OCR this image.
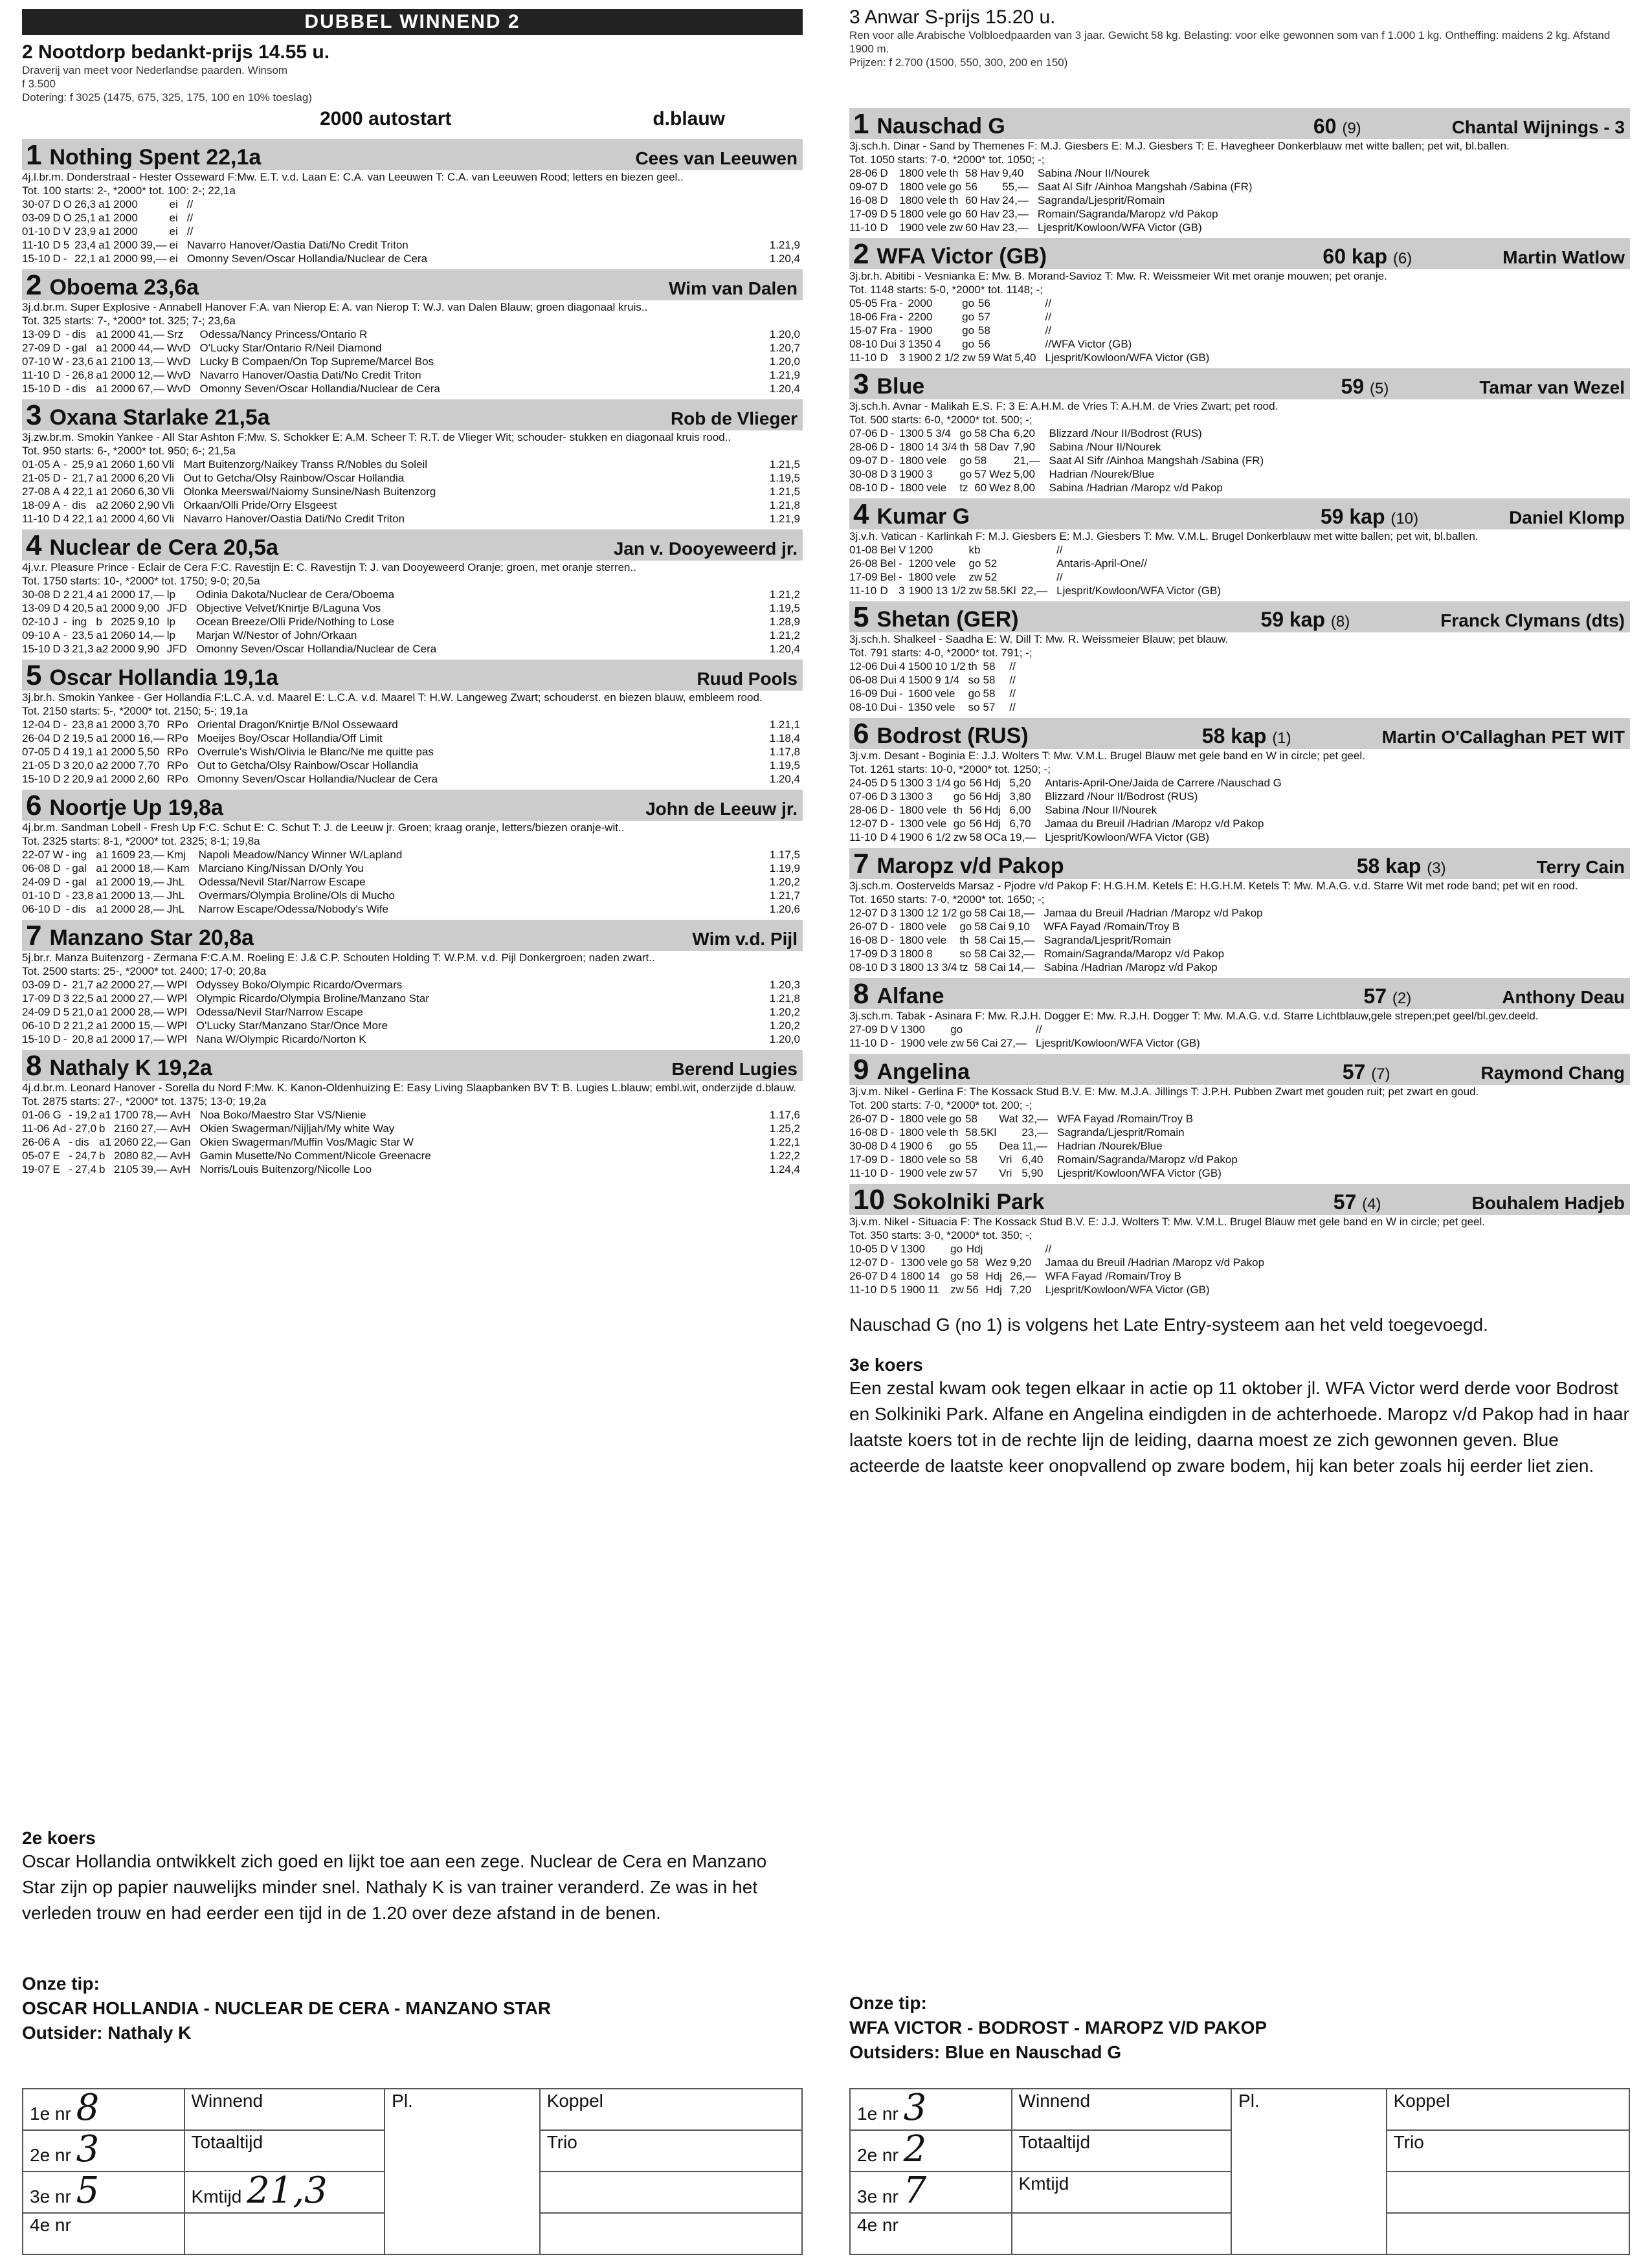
DUBBEL WINNEND 2
2 Nootdorp bedankt-prijs 14.55 u.
Draverij van meet voor Nederlandse paarden. Winsom
f 3.500
Dotering: f 3025 (1475, 675, 325, 175, 100 en 10% toeslag)
2000 autostart	d.blauw
1 Nothing Spent 22,1a	Cees van Leeuwen
4j.l.br.m. Donderstraal - Hester Osseward F:Mw. E.T. v.d. Laan E: C.A. van Leeuwen T: C.A. van Leeuwen Rood; letters en biezen geel..
Tot. 100 starts: 2-, *2000* tot. 100: 2-; 22,1a
30-07	D	O	26,3	a1	2000		ei	//	
03-09	D	O	25,1	a1	2000		ei	//	
01-10	D	V	23,9	a1	2000		ei	//	
11-10	D	5	23,4	a1	2000	39,—	ei	Navarro Hanover/Oastia Dati/No Credit Triton	1.21,9
15-10	D	-	22,1	a1	2000	99,—	ei	Omonny Seven/Oscar Hollandia/Nuclear de Cera	1.20,4
2 Oboema 23,6a	Wim van Dalen
3j.d.br.m. Super Explosive - Annabell Hanover F:A. van Nierop E: A. van Nierop T: W.J. van Dalen Blauw; groen diagonaal kruis..
Tot. 325 starts: 7-, *2000* tot. 325; 7-; 23,6a
13-09	D	-	dis	a1	2000	41,—	Srz	Odessa/Nancy Princess/Ontario R	1.20,0
27-09	D	-	gal	a1	2000	44,—	WvD	O'Lucky Star/Ontario R/Neil Diamond	1.20,7
07-10	W	-	23,6	a1	2100	13,—	WvD	Lucky B Compaen/On Top Supreme/Marcel Bos	1.20,0
11-10	D	-	26,8	a1	2000	12,—	WvD	Navarro Hanover/Oastia Dati/No Credit Triton	1.21,9
15-10	D	-	dis	a1	2000	67,—	WvD	Omonny Seven/Oscar Hollandia/Nuclear de Cera	1.20,4
3 Oxana Starlake 21,5a	Rob de Vlieger
3j.zw.br.m. Smokin Yankee - All Star Ashton F:Mw. S. Schokker E: A.M. Scheer T: R.T. de Vlieger Wit; schouder- stukken en diagonaal kruis rood..
Tot. 950 starts: 6-, *2000* tot. 950; 6-; 21,5a
01-05	A	-	25,9	a1	2060	1,60	Vli	Mart Buitenzorg/Naikey Transs R/Nobles du Soleil	1.21,5
21-05	D	-	21,7	a1	2000	6,20	Vli	Out to Getcha/Olsy Rainbow/Oscar Hollandia	1.19,5
27-08	A	4	22,1	a1	2060	6,30	Vli	Olonka Meerswal/Naiomy Sunsine/Nash Buitenzorg	1.21,5
18-09	A	-	dis	a2	2060	2,90	Vli	Orkaan/Olli Pride/Orry Elsgeest	1.21,8
11-10	D	4	22,1	a1	2000	4,60	Vli	Navarro Hanover/Oastia Dati/No Credit Triton	1.21,9
4 Nuclear de Cera 20,5a	Jan v. Dooyeweerd jr.
4j.v.r. Pleasure Prince - Eclair de Cera F:C. Ravestijn E: C. Ravestijn T: J. van Dooyeweerd Oranje; groen, met oranje sterren..
Tot. 1750 starts: 10-, *2000* tot. 1750; 9-0; 20,5a
30-08	D	2	21,4	a1	2000	17,—	lp	Odinia Dakota/Nuclear de Cera/Oboema	1.21,2
13-09	D	4	20,5	a1	2000	9,00	JFD	Objective Velvet/Knirtje B/Laguna Vos	1.19,5
02-10	J	-	ing	b	2025	9,10	lp	Ocean Breeze/Olli Pride/Nothing to Lose	1.28,9
09-10	A	-	23,5	a1	2060	14,—	lp	Marjan W/Nestor of John/Orkaan	1.21,2
15-10	D	3	21,3	a2	2000	9,90	JFD	Omonny Seven/Oscar Hollandia/Nuclear de Cera	1.20,4
5 Oscar Hollandia 19,1a	Ruud Pools
3j.br.h. Smokin Yankee - Ger Hollandia F:L.C.A. v.d. Maarel E: L.C.A. v.d. Maarel T: H.W. Langeweg Zwart; schouderst. en biezen blauw, embleem rood.
Tot. 2150 starts: 5-, *2000* tot. 2150; 5-; 19,1a
12-04	D	-	23,8	a1	2000	3,70	RPo	Oriental Dragon/Knirtje B/Nol Ossewaard	1.21,1
26-04	D	2	19,5	a1	2000	16,—	RPo	Moeijes Boy/Oscar Hollandia/Off Limit	1.18,4
07-05	D	4	19,1	a1	2000	5,50	RPo	Overrule's Wish/Olivia le Blanc/Ne me quitte pas	1.17,8
21-05	D	3	20,0	a2	2000	7,70	RPo	Out to Getcha/Olsy Rainbow/Oscar Hollandia	1.19,5
15-10	D	2	20,9	a1	2000	2,60	RPo	Omonny Seven/Oscar Hollandia/Nuclear de Cera	1.20,4
6 Noortje Up 19,8a	John de Leeuw jr.
4j.br.m. Sandman Lobell - Fresh Up F:C. Schut E: C. Schut T: J. de Leeuw jr. Groen; kraag oranje, letters/biezen oranje-wit..
Tot. 2325 starts: 8-1, *2000* tot. 2325; 8-1; 19,8a
22-07	W	-	ing	a1	1609	23,—	Kmj	Napoli Meadow/Nancy Winner W/Lapland	1.17,5
06-08	D	-	gal	a1	2000	18,—	Kam	Marciano King/Nissan D/Only You	1.19,9
24-09	D	-	gal	a1	2000	19,—	JhL	Odessa/Nevil Star/Narrow Escape	1.20,2
01-10	D	-	23,8	a1	2000	13,—	JhL	Overmars/Olympia Broline/Ols di Mucho	1.21,7
06-10	D	-	dis	a1	2000	28,—	JhL	Narrow Escape/Odessa/Nobody's Wife	1.20,6
7 Manzano Star 20,8a	Wim v.d. Pijl
5j.br.r. Manza Buitenzorg - Zermana F:C.A.M. Roeling E: J.& C.P. Schouten Holding T: W.P.M. v.d. Pijl Donkergroen; naden zwart..
Tot. 2500 starts: 25-, *2000* tot. 2400; 17-0; 20,8a
03-09	D	-	21,7	a2	2000	27,—	WPl	Odyssey Boko/Olympic Ricardo/Overmars	1.20,3
17-09	D	3	22,5	a1	2000	27,—	WPl	Olympic Ricardo/Olympia Broline/Manzano Star	1.21,8
24-09	D	5	21,0	a1	2000	28,—	WPl	Odessa/Nevil Star/Narrow Escape	1.20,2
06-10	D	2	21,2	a1	2000	15,—	WPl	O'Lucky Star/Manzano Star/Once More	1.20,2
15-10	D	-	20,8	a1	2000	17,—	WPl	Nana W/Olympic Ricardo/Norton K	1.20,0
8 Nathaly K 19,2a	Berend Lugies
4j.d.br.m. Leonard Hanover - Sorella du Nord F:Mw. K. Kanon-Oldenhuizing E: Easy Living Slaapbanken BV T: B. Lugies L.blauw; embl.wit, onderzijde d.blauw.
Tot. 2875 starts: 27-, *2000* tot. 1375; 13-0; 19,2a
01-06	G	-	19,2	a1	1700	78,—	AvH	Noa Boko/Maestro Star VS/Nienie	1.17,6
11-06	Ad	-	27,0	b	2160	27,—	AvH	Okien Swagerman/Nijljah/My white Way	1.25,2
26-06	A	-	dis	a1	2060	22,—	Gan	Okien Swagerman/Muffin Vos/Magic Star W	1.22,1
05-07	E	-	24,7	b	2080	82,—	AvH	Gamin Musette/No Comment/Nicole Greenacre	1.22,2
19-07	E	-	27,4	b	2105	39,—	AvH	Norris/Louis Buitenzorg/Nicolle Loo	1.24,4
2e koers
Oscar Hollandia ontwikkelt zich goed en lijkt toe aan een zege. Nuclear de Cera en Manzano Star zijn op papier nauwelijks minder snel. Nathaly K is van trainer veranderd. Ze was in het verleden trouw en had eerder een tijd in de 1.20 over deze afstand in de benen.
Onze tip:
OSCAR HOLLANDIA - NUCLEAR DE CERA - MANZANO STAR
Outsider: Nathaly K
1e nr 8	Winnend	Pl.	Koppel
2e nr 3	Totaaltijd		Trio
3e nr 5	Kmtijd 21,3		
4e nr			
3 Anwar S-prijs 15.20 u.
Ren voor alle Arabische Volbloedpaarden van 3 jaar. Gewicht 58 kg. Belasting: voor elke gewonnen som van f 1.000 1 kg. Ontheffing: maidens 2 kg. Afstand 1900 m.
Prijzen: f 2.700 (1500, 550, 300, 200 en 150)
1 Nauschad G	60 (9)	Chantal Wijnings - 3
3j.sch.h. Dinar - Sand by Themenes F: M.J. Giesbers E: M.J. Giesbers T: E. Havegheer Donkerblauw met witte ballen; pet wit, bl.ballen.
Tot. 1050 starts: 7-0, *2000* tot. 1050; -;
28-06	D		1800	vele	th	58	Hav	9,40	Sabina /Nour II/Nourek
09-07	D		1800	vele	go	56		55,—	Saat Al Sifr /Ainhoa Mangshah /Sabina (FR)
16-08	D		1800	vele	th	60	Hav	24,—	Sagranda/Ljesprit/Romain
17-09	D	5	1800	vele	go	60	Hav	23,—	Romain/Sagranda/Maropz v/d Pakop
11-10	D		1900	vele	zw	60	Hav	23,—	Ljesprit/Kowloon/WFA Victor (GB)
2 WFA Victor (GB)	60 kap (6)	Martin Watlow
3j.br.h. Abitibi - Vesnianka E: Mw. B. Morand-Savioz T: Mw. R. Weissmeier Wit met oranje mouwen; pet oranje.
Tot. 1148 starts: 5-0, *2000* tot. 1148; -;
05-05	Fra	-	2000		go	56			//
18-06	Fra	-	2200		go	57			//
15-07	Fra	-	1900		go	58			//
08-10	Dui	3	1350	4	go	56			//WFA Victor (GB)
11-10	D	3	1900	2 1/2	zw	59	Wat	5,40	Ljesprit/Kowloon/WFA Victor (GB)
3 Blue	59 (5)	Tamar van Wezel
3j.sch.h. Avnar - Malikah E.S. F: 3 E: A.H.M. de Vries T: A.H.M. de Vries Zwart; pet rood.
Tot. 500 starts: 6-0, *2000* tot. 500; -;
07-06	D	-	1300	5 3/4	go	58	Cha	6,20	Blizzard /Nour II/Bodrost (RUS)
28-06	D	-	1800	14 3/4	th	58	Dav	7,90	Sabina /Nour II/Nourek
09-07	D	-	1800	vele	go	58		21,—	Saat Al Sifr /Ainhoa Mangshah /Sabina (FR)
30-08	D	3	1900	3	go	57	Wez	5,00	Hadrian /Nourek/Blue
08-10	D	-	1800	vele	tz	60	Wez	8,00	Sabina /Hadrian /Maropz v/d Pakop
4 Kumar G	59 kap (10)	Daniel Klomp
3j.v.h. Vatican - Karlinkah F: M.J. Giesbers E: M.J. Giesbers T: Mw. V.M.L. Brugel Donkerblauw met witte ballen; pet wit, bl.ballen.
01-08	Bel	V	1200		kb				//
26-08	Bel	-	1200	vele	go	52			Antaris-April-One//
17-09	Bel	-	1800	vele	zw	52			//
11-10	D	3	1900	13 1/2	zw	58.5Kl		22,—	Ljesprit/Kowloon/WFA Victor (GB)
5 Shetan (GER)	59 kap (8)	Franck Clymans (dts)
3j.sch.h. Shalkeel - Saadha E: W. Dill T: Mw. R. Weissmeier Blauw; pet blauw.
Tot. 791 starts: 4-0, *2000* tot. 791; -;
12-06	Dui	4	1500	10 1/2	th	58			//
06-08	Dui	4	1500	9 1/4	so	58			//
16-09	Dui	-	1600	vele	go	58			//
08-10	Dui	-	1350	vele	so	57			//
6 Bodrost (RUS)	58 kap (1)	Martin O'Callaghan PET WIT
3j.v.m. Desant - Boginia E: J.J. Wolters T: Mw. V.M.L. Brugel Blauw met gele band en W in circle; pet geel.
Tot. 1261 starts: 10-0, *2000* tot. 1250; -;
24-05	D	5	1300	3 1/4	go	56	Hdj	5,20	Antaris-April-One/Jaida de Carrere /Nauschad G
07-06	D	3	1300	3	go	56	Hdj	3,80	Blizzard /Nour II/Bodrost (RUS)
28-06	D	-	1800	vele	th	56	Hdj	6,00	Sabina /Nour II/Nourek
12-07	D	-	1300	vele	go	56	Hdj	6,70	Jamaa du Breuil /Hadrian /Maropz v/d Pakop
11-10	D	4	1900	6 1/2	zw	58	OCa	19,—	Ljesprit/Kowloon/WFA Victor (GB)
7 Maropz v/d Pakop	58 kap (3)	Terry Cain
3j.sch.m. Oostervelds Marsaz - Pjodre v/d Pakop F: H.G.H.M. Ketels E: H.G.H.M. Ketels T: Mw. M.A.G. v.d. Starre Wit met rode band; pet wit en rood.
Tot. 1650 starts: 7-0, *2000* tot. 1650; -;
12-07	D	3	1300	12 1/2	go	58	Cai	18,—	Jamaa du Breuil /Hadrian /Maropz v/d Pakop
26-07	D	-	1800	vele	go	58	Cai	9,10	WFA Fayad /Romain/Troy B
16-08	D	-	1800	vele	th	58	Cai	15,—	Sagranda/Ljesprit/Romain
17-09	D	3	1800	8	so	58	Cai	32,—	Romain/Sagranda/Maropz v/d Pakop
08-10	D	3	1800	13 3/4	tz	58	Cai	14,—	Sabina /Hadrian /Maropz v/d Pakop
8 Alfane	57 (2)	Anthony Deau
3j.sch.m. Tabak - Asinara F: Mw. R.J.H. Dogger E: Mw. R.J.H. Dogger T: Mw. M.A.G. v.d. Starre Lichtblauw,gele strepen;pet geel/bl.gev.deeld.
27-09	D	V	1300		go				//
11-10	D	-	1900	vele	zw	56	Cai	27,—	Ljesprit/Kowloon/WFA Victor (GB)
9 Angelina	57 (7)	Raymond Chang
3j.v.m. Nikel - Gerlina F: The Kossack Stud B.V. E: Mw. M.J.A. Jillings T: J.P.H. Pubben Zwart met gouden ruit; pet zwart en goud.
Tot. 200 starts: 7-0, *2000* tot. 200; -;
26-07	D	-	1800	vele	go	58	Wat	32,—	WFA Fayad /Romain/Troy B
16-08	D	-	1800	vele	th	58.5Kl		23,—	Sagranda/Ljesprit/Romain
30-08	D	4	1900	6	go	55	Dea	11,—	Hadrian /Nourek/Blue
17-09	D	-	1800	vele	so	58	Vri	6,40	Romain/Sagranda/Maropz v/d Pakop
11-10	D	-	1900	vele	zw	57	Vri	5,90	Ljesprit/Kowloon/WFA Victor (GB)
10 Sokolniki Park	57 (4)	Bouhalem Hadjeb
3j.v.m. Nikel - Situacia F: The Kossack Stud B.V. E: J.J. Wolters T: Mw. V.M.L. Brugel Blauw met gele band en W in circle; pet geel.
Tot. 350 starts: 3-0, *2000* tot. 350; -;
10-05	D	V	1300		go	Hdj			//
12-07	D	-	1300	vele	go	58	Wez	9,20	Jamaa du Breuil /Hadrian /Maropz v/d Pakop
26-07	D	4	1800	14	go	58	Hdj	26,—	WFA Fayad /Romain/Troy B
11-10	D	5	1900	11	zw	56	Hdj	7,20	Ljesprit/Kowloon/WFA Victor (GB)
Nauschad G (no 1) is volgens het Late Entry-systeem aan het veld toegevoegd.
3e koers
Een zestal kwam ook tegen elkaar in actie op 11 oktober jl. WFA Victor werd derde voor Bodrost en Solkiniki Park. Alfane en Angelina eindigden in de achterhoede. Maropz v/d Pakop had in haar laatste koers tot in de rechte lijn de leiding, daarna moest ze zich gewonnen geven. Blue acteerde de laatste keer onopvallend op zware bodem, hij kan beter zoals hij eerder liet zien.
Onze tip:
WFA VICTOR - BODROST - MAROPZ V/D PAKOP
Outsiders: Blue en Nauschad G
1e nr 3	Winnend	Pl.	Koppel
2e nr 2	Totaaltijd		Trio
3e nr 7	Kmtijd		
4e nr			
